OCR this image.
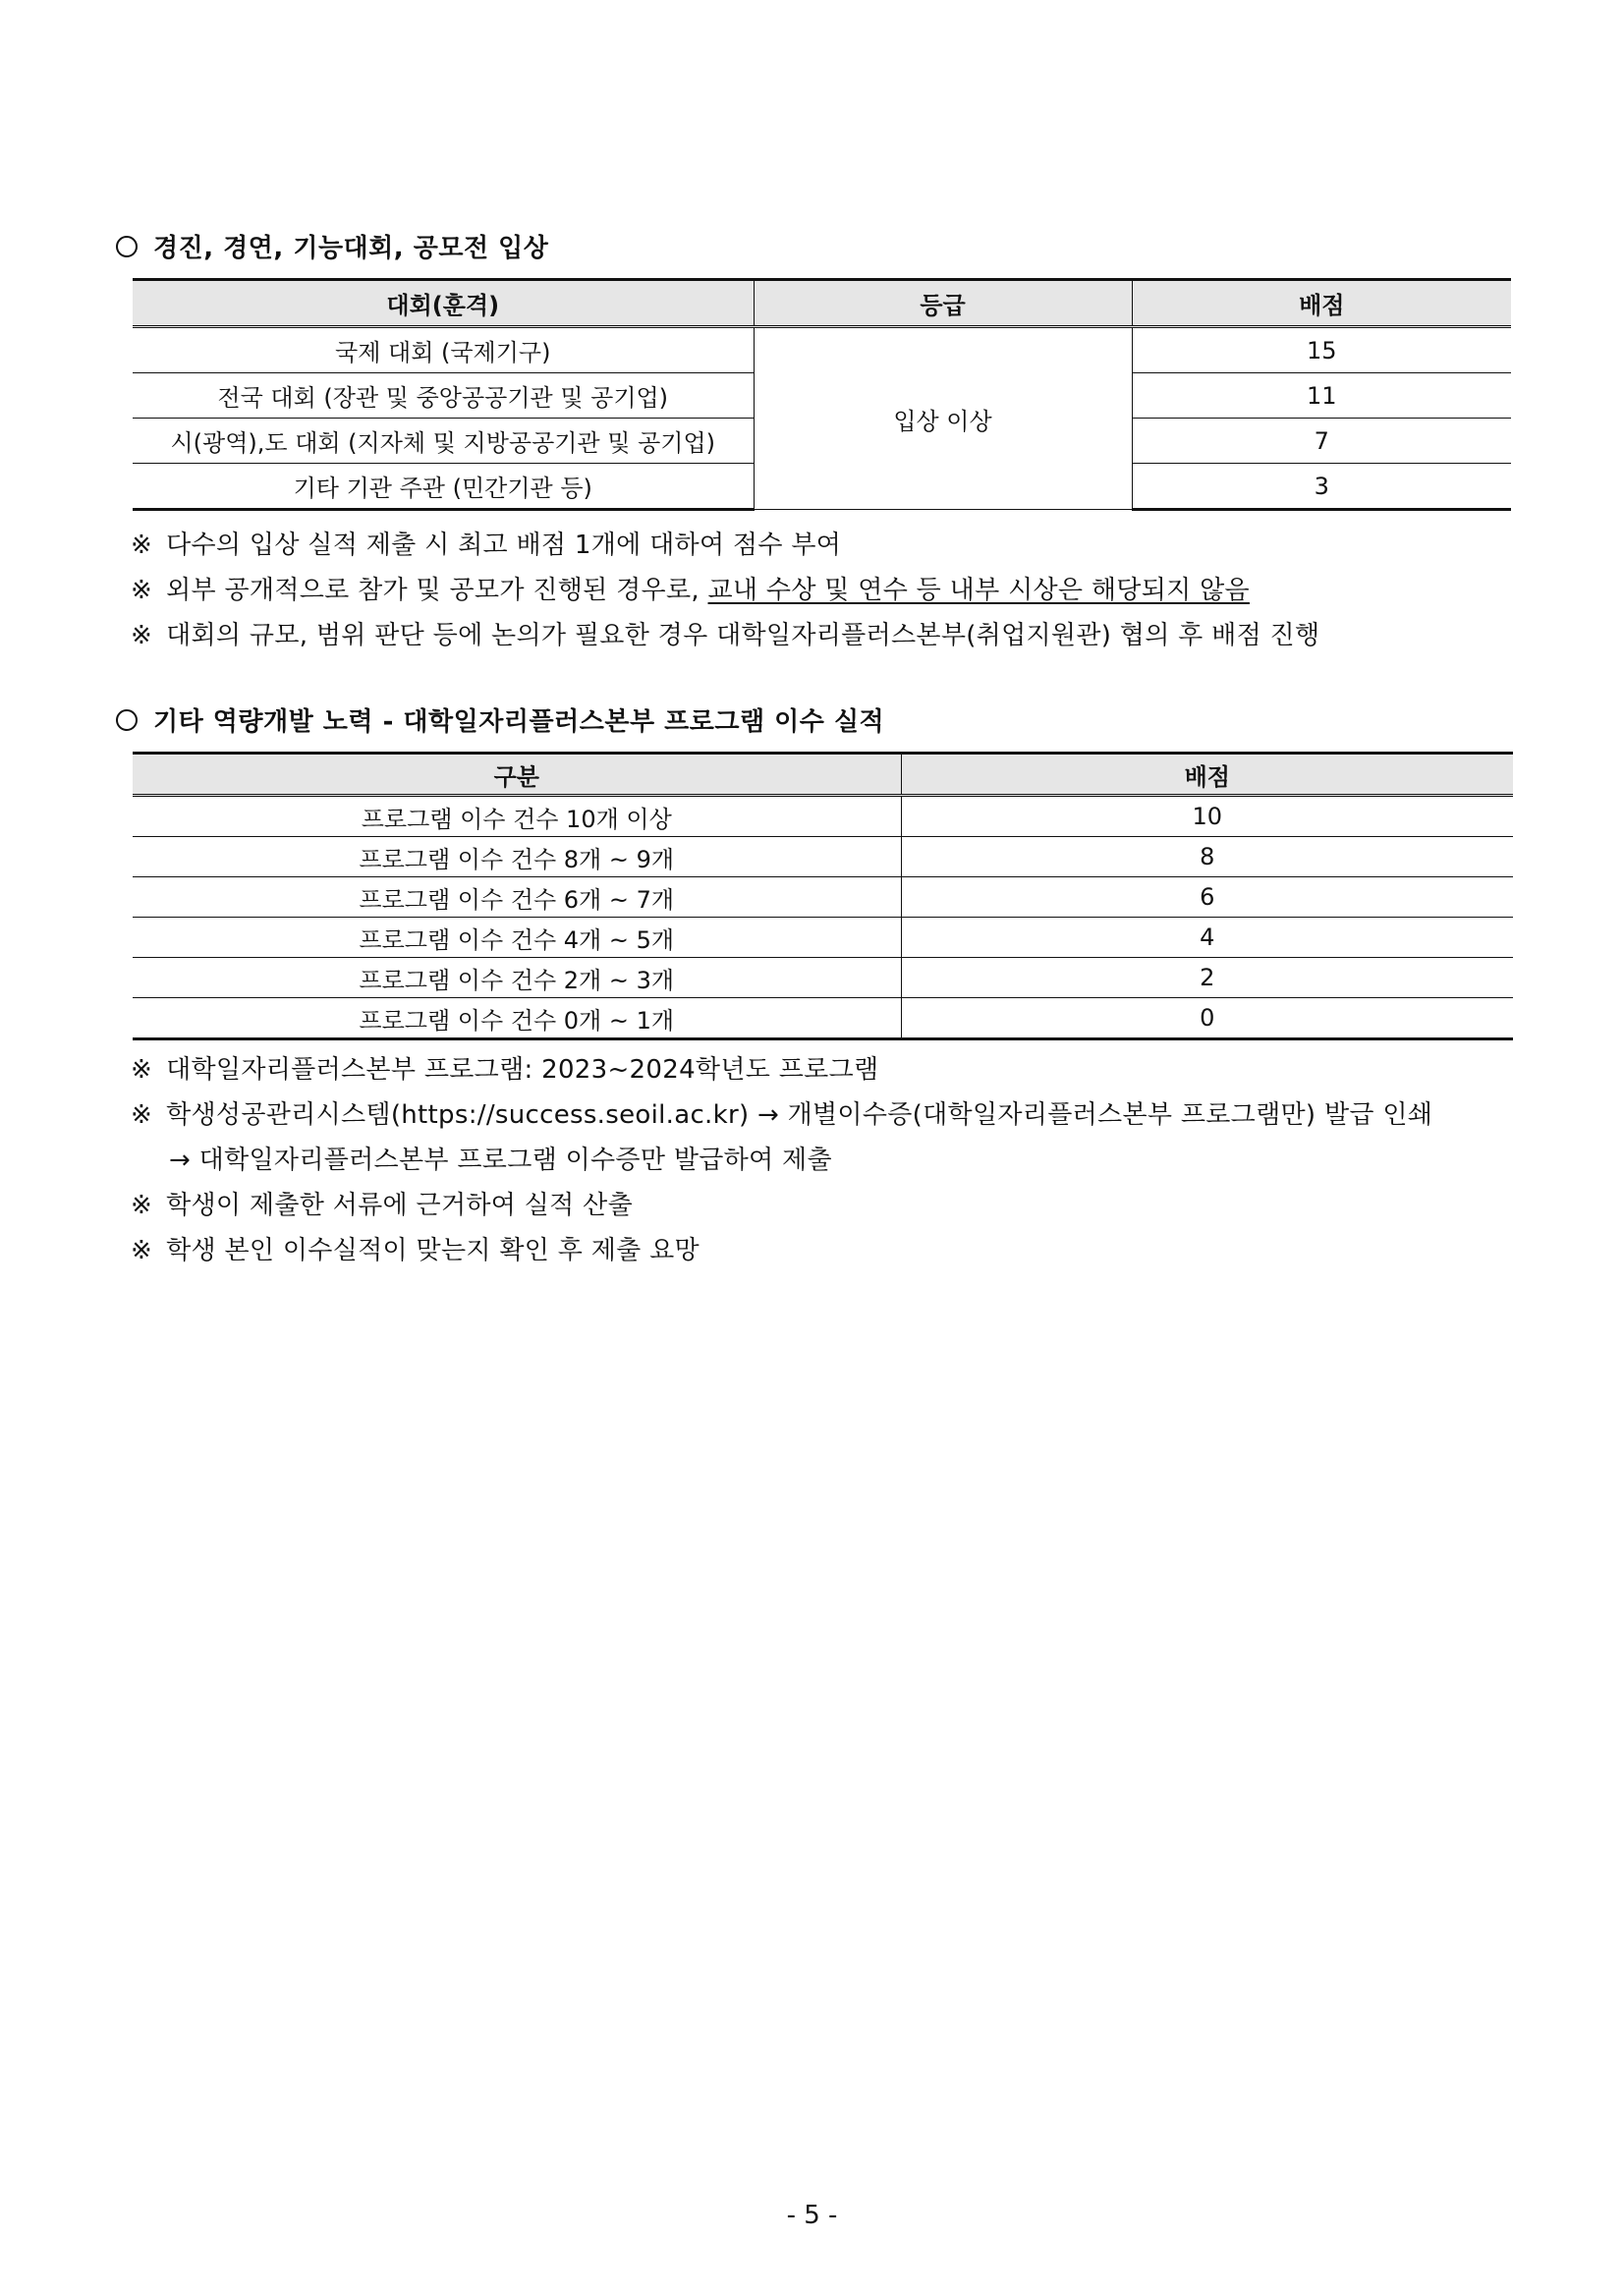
경진, 경연, 기능대회, 공모전 입상
대회(훈격)	등급	배점
국제 대회 (국제기구)	입상 이상	15
전국 대회 (장관 및 중앙공공기관 및 공기업)		11
시(광역),도 대회 (지자체 및 지방공공기관 및 공기업)		7
기타 기관 주관 (민간기관 등)		3
※ 다수의 입상 실적 제출 시 최고 배점 1개에 대하여 점수 부여
※ 외부 공개적으로 참가 및 공모가 진행된 경우로, 교내 수상 및 연수 등 내부 시상은 해당되지 않음
※ 대회의 규모, 범위 판단 등에 논의가 필요한 경우 대학일자리플러스본부(취업지원관) 협의 후 배점 진행
기타 역량개발 노력 - 대학일자리플러스본부 프로그램 이수 실적
구분	배점
프로그램 이수 건수 10개 이상	10
프로그램 이수 건수 8개 ~ 9개	8
프로그램 이수 건수 6개 ~ 7개	6
프로그램 이수 건수 4개 ~ 5개	4
프로그램 이수 건수 2개 ~ 3개	2
프로그램 이수 건수 0개 ~ 1개	0
※ 대학일자리플러스본부 프로그램: 2023~2024학년도 프로그램
※ 학생성공관리시스템(https://success.seoil.ac.kr) → 개별이수증(대학일자리플러스본부 프로그램만) 발급 인쇄
→ 대학일자리플러스본부 프로그램 이수증만 발급하여 제출
※ 학생이 제출한 서류에 근거하여 실적 산출
※ 학생 본인 이수실적이 맞는지 확인 후 제출 요망
- 5 -
